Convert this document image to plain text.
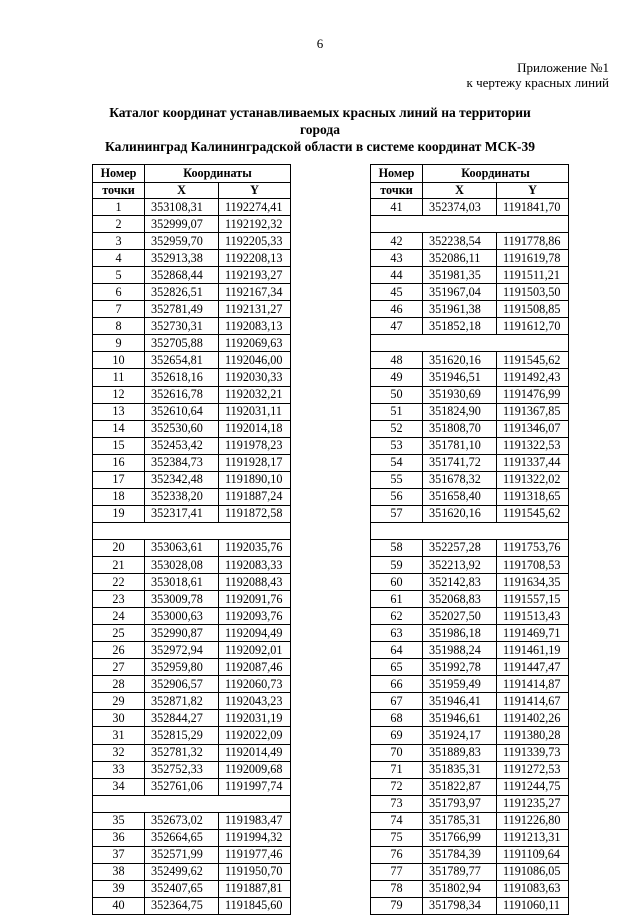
6
Приложение №1
к чертежу красных линий
Каталог координат устанавливаемых красных линий на территории города
Калининград Калининградской области в системе координат МСК-39
Номер	Координаты	
точки	X	Y
1	353108,31	1192274,41
2	352999,07	1192192,32
3	352959,70	1192205,33
4	352913,38	1192208,13
5	352868,44	1192193,27
6	352826,51	1192167,34
7	352781,49	1192131,27
8	352730,31	1192083,13
9	352705,88	1192069,63
10	352654,81	1192046,00
11	352618,16	1192030,33
12	352616,78	1192032,21
13	352610,64	1192031,11
14	352530,60	1192014,18
15	352453,42	1191978,23
16	352384,73	1191928,17
17	352342,48	1191890,10
18	352338,20	1191887,24
19	352317,41	1191872,58

20	353063,61	1192035,76
21	353028,08	1192083,33
22	353018,61	1192088,43
23	353009,78	1192091,76
24	353000,63	1192093,76
25	352990,87	1192094,49
26	352972,94	1192092,01
27	352959,80	1192087,46
28	352906,57	1192060,73
29	352871,82	1192043,23
30	352844,27	1192031,19
31	352815,29	1192022,09
32	352781,32	1192014,49
33	352752,33	1192009,68
34	352761,06	1191997,74

35	352673,02	1191983,47
36	352664,65	1191994,32
37	352571,99	1191977,46
38	352499,62	1191950,70
39	352407,65	1191887,81
40	352364,75	1191845,60
Номер	Координаты	
точки	X	Y
41	352374,03	1191841,70

42	352238,54	1191778,86
43	352086,11	1191619,78
44	351981,35	1191511,21
45	351967,04	1191503,50
46	351961,38	1191508,85
47	351852,18	1191612,70

48	351620,16	1191545,62
49	351946,51	1191492,43
50	351930,69	1191476,99
51	351824,90	1191367,85
52	351808,70	1191346,07
53	351781,10	1191322,53
54	351741,72	1191337,44
55	351678,32	1191322,02
56	351658,40	1191318,65
57	351620,16	1191545,62

58	352257,28	1191753,76
59	352213,92	1191708,53
60	352142,83	1191634,35
61	352068,83	1191557,15
62	352027,50	1191513,43
63	351986,18	1191469,71
64	351988,24	1191461,19
65	351992,78	1191447,47
66	351959,49	1191414,87
67	351946,41	1191414,67
68	351946,61	1191402,26
69	351924,17	1191380,28
70	351889,83	1191339,73
71	351835,31	1191272,53
72	351822,87	1191244,75
73	351793,97	1191235,27
74	351785,31	1191226,80
75	351766,99	1191213,31
76	351784,39	1191109,64
77	351789,77	1191086,05
78	351802,94	1191083,63
79	351798,34	1191060,11
